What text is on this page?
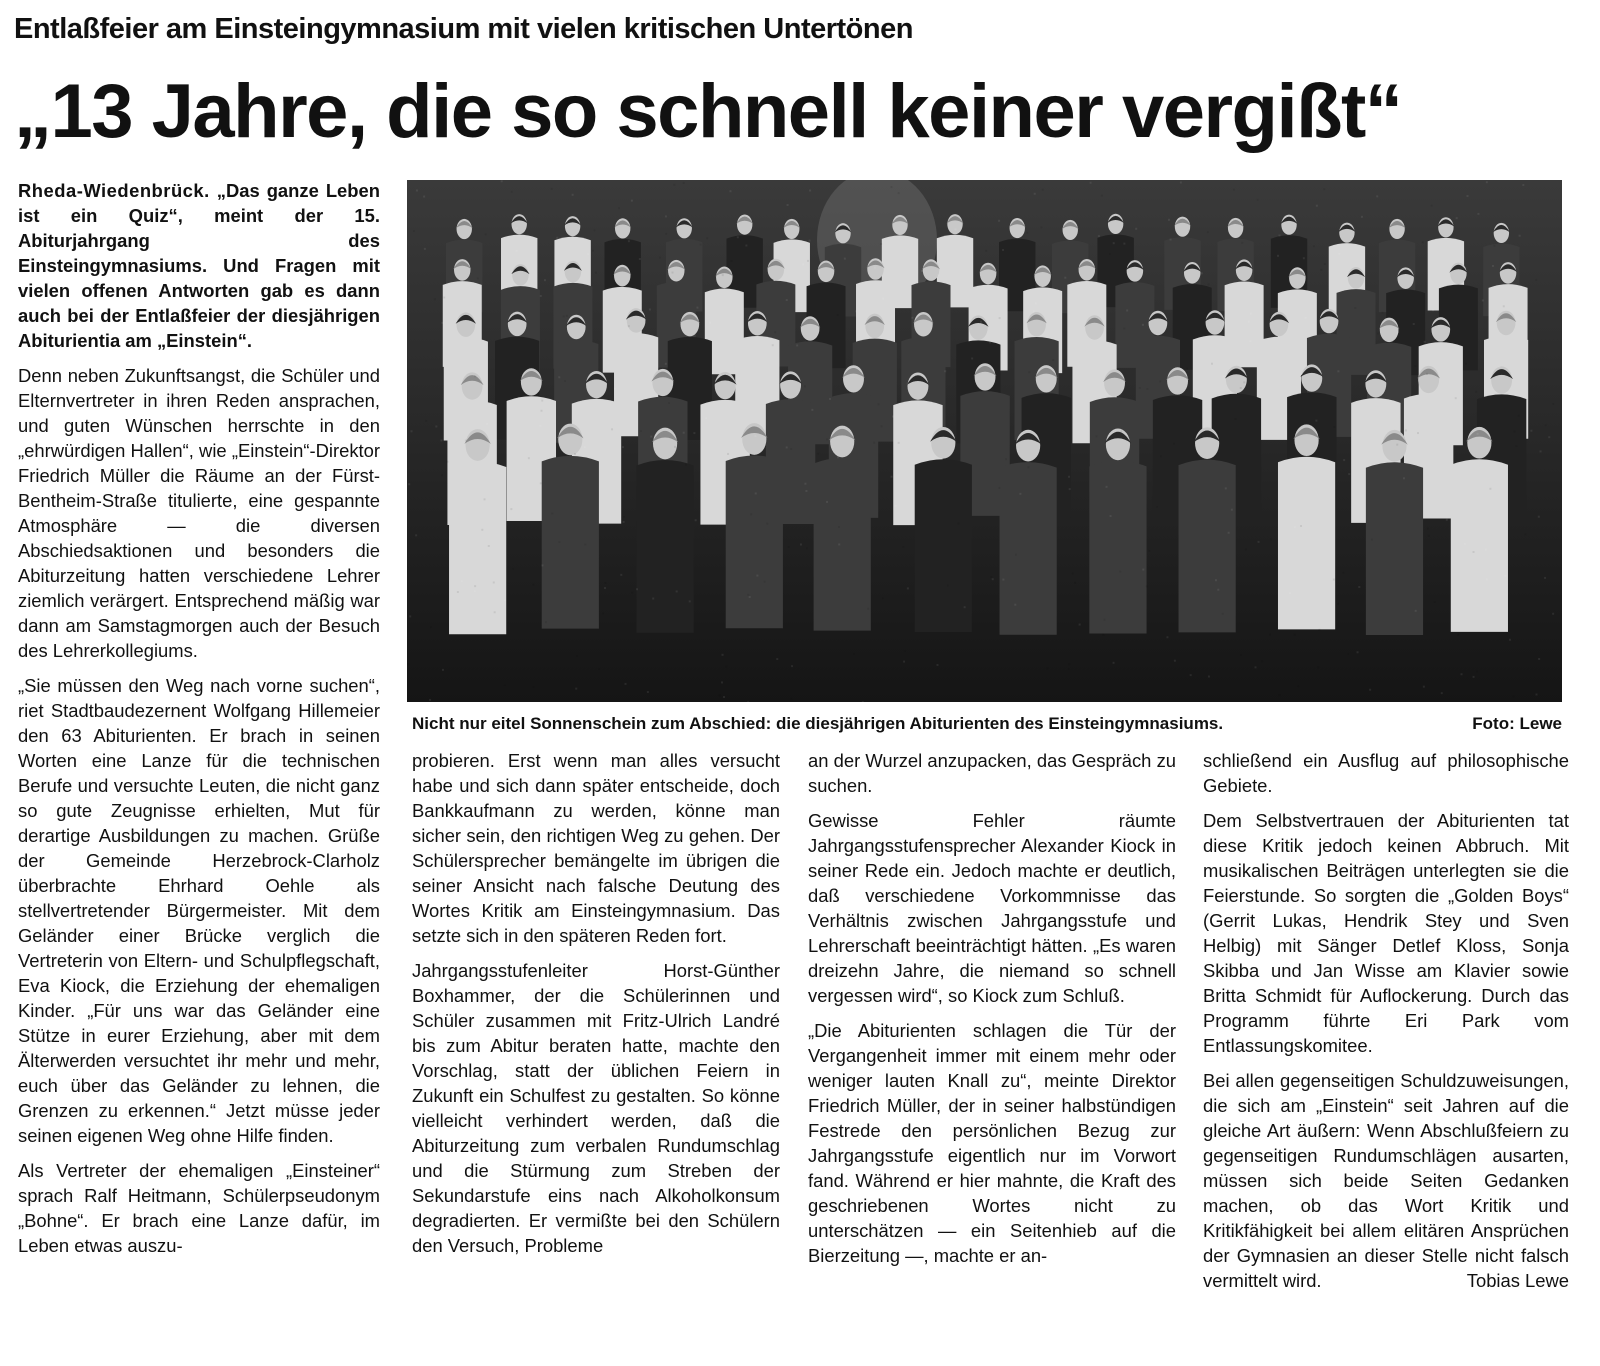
Entlaßfeier am Einsteingymnasium mit vielen kritischen Untertönen
„13 Jahre, die so schnell keiner vergißt“

Rheda-Wiedenbrück. „Das ganze Leben ist ein Quiz“, meint der 15. Abiturjahrgang des Einsteingymnasiums. Und Fragen mit vielen offenen Antworten gab es dann auch bei der Entlaßfeier der diesjährigen Abiturientia am „Einstein“.

Denn neben Zukunftsangst, die Schüler und Elternvertreter in ihren Reden ansprachen, und guten Wünschen herrschte in den „ehrwürdigen Hallen“, wie „Einstein“-Direktor Friedrich Müller die Räume an der Fürst-Bentheim-Straße titulierte, eine gespannte Atmosphäre — die diversen Abschiedsaktionen und besonders die Abiturzeitung hatten verschiedene Lehrer ziemlich verärgert. Entsprechend mäßig war dann am Samstagmorgen auch der Besuch des Lehrerkollegiums.

„Sie müssen den Weg nach vorne suchen“, riet Stadtbaudezernent Wolfgang Hillemeier den 63 Abiturienten. Er brach in seinen Worten eine Lanze für die technischen Berufe und versuchte Leuten, die nicht ganz so gute Zeugnisse erhielten, Mut für derartige Ausbildungen zu machen. Grüße der Gemeinde Herzebrock-Clarholz überbrachte Ehrhard Oehle als stellvertretender Bürgermeister. Mit dem Geländer einer Brücke verglich die Vertreterin von Eltern- und Schulpflegschaft, Eva Kiock, die Erziehung der ehemaligen Kinder. „Für uns war das Geländer eine Stütze in eurer Erziehung, aber mit dem Älterwerden versuchtet ihr mehr und mehr, euch über das Geländer zu lehnen, die Grenzen zu erkennen.“ Jetzt müsse jeder seinen eigenen Weg ohne Hilfe finden.

Als Vertreter der ehemaligen „Einsteiner“ sprach Ralf Heitmann, Schülerpseudonym „Bohne“. Er brach eine Lanze dafür, im Leben etwas auszu-

Nicht nur eitel Sonnenschein zum Abschied: die diesjährigen Abiturienten des Einsteingymnasiums.	Foto: Lewe

probieren. Erst wenn man alles versucht habe und sich dann später entscheide, doch Bankkaufmann zu werden, könne man sicher sein, den richtigen Weg zu gehen. Der Schülersprecher bemängelte im übrigen die seiner Ansicht nach falsche Deutung des Wortes Kritik am Einsteingymnasium. Das setzte sich in den späteren Reden fort.

Jahrgangsstufenleiter Horst-Günther Boxhammer, der die Schülerinnen und Schüler zusammen mit Fritz-Ulrich Landré bis zum Abitur beraten hatte, machte den Vorschlag, statt der üblichen Feiern in Zukunft ein Schulfest zu gestalten. So könne vielleicht verhindert werden, daß die Abiturzeitung zum verbalen Rundumschlag und die Stürmung zum Streben der Sekundarstufe eins nach Alkoholkonsum degradierten. Er vermißte bei den Schülern den Versuch, Probleme

an der Wurzel anzupacken, das Gespräch zu suchen.

Gewisse Fehler räumte Jahrgangsstufensprecher Alexander Kiock in seiner Rede ein. Jedoch machte er deutlich, daß verschiedene Vorkommnisse das Verhältnis zwischen Jahrgangsstufe und Lehrerschaft beeinträchtigt hätten. „Es waren dreizehn Jahre, die niemand so schnell vergessen wird“, so Kiock zum Schluß.

„Die Abiturienten schlagen die Tür der Vergangenheit immer mit einem mehr oder weniger lauten Knall zu“, meinte Direktor Friedrich Müller, der in seiner halbstündigen Festrede den persönlichen Bezug zur Jahrgangsstufe eigentlich nur im Vorwort fand. Während er hier mahnte, die Kraft des geschriebenen Wortes nicht zu unterschätzen — ein Seitenhieb auf die Bierzeitung —, machte er an-

schließend ein Ausflug auf philosophische Gebiete.

Dem Selbstvertrauen der Abiturienten tat diese Kritik jedoch keinen Abbruch. Mit musikalischen Beiträgen unterlegten sie die Feierstunde. So sorgten die „Golden Boys“ (Gerrit Lukas, Hendrik Stey und Sven Helbig) mit Sänger Detlef Kloss, Sonja Skibba und Jan Wisse am Klavier sowie Britta Schmidt für Auflockerung. Durch das Programm führte Eri Park vom Entlassungskomitee.

Bei allen gegenseitigen Schuldzuweisungen, die sich am „Einstein“ seit Jahren auf die gleiche Art äußern: Wenn Abschlußfeiern zu gegenseitigen Rundumschlägen ausarten, müssen sich beide Seiten Gedanken machen, ob das Wort Kritik und Kritikfähigkeit bei allem elitären Ansprüchen der Gymnasien an dieser Stelle nicht falsch vermittelt wird.	Tobias Lewe
